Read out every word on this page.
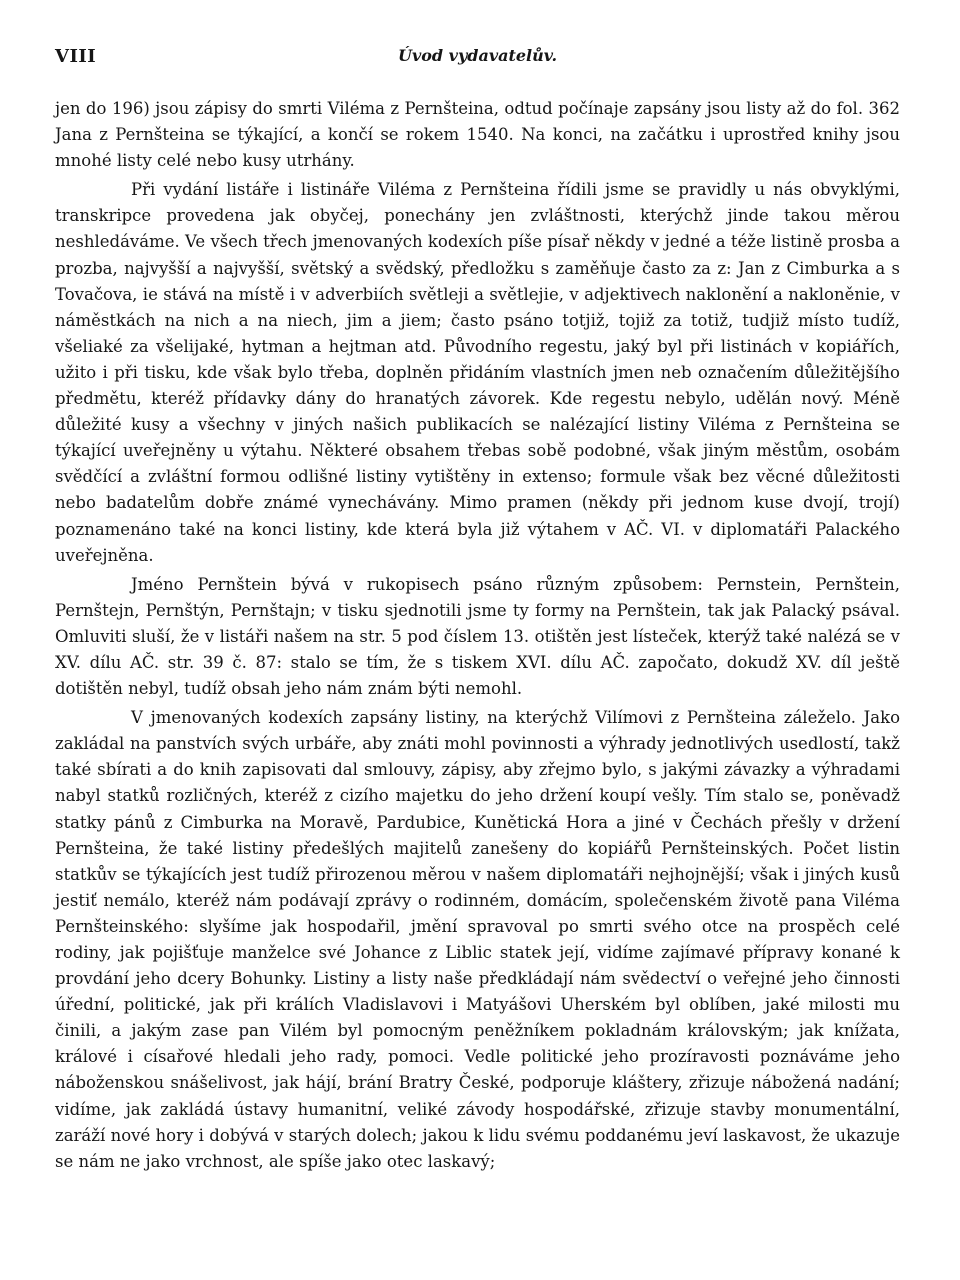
VIII	Úvod vydavatelův.

jen do 196) jsou zápisy do smrti Viléma z Pernšteina, odtud počínaje zapsány jsou listy až do fol. 362 Jana z Pernšteina se týkající, a končí se rokem 1540. Na konci, na začátku i uprostřed knihy jsou mnohé listy celé nebo kusy utrhány.

Při vydání listáře i listináře Viléma z Pernšteina řídili jsme se pravidly u nás obvyklými, transkripce provedena jak obyčej, ponechány jen zvláštnosti, kterýchž jinde takou měrou neshledáváme. Ve všech třech jmenovaných kodexích píše písař někdy v jedné a téže listině prosba a prozba, najvyšší a najvyšší, světský a svědský, předložku s zaměňuje často za z: Jan z Cimburka a s Tovačova, ie stává na místě i v adverbiích světleji a světlejie, v adjektivech naklonění a nakloněnie, v náměstkách na nich a na niech, jim a jiem; často psáno totjiž, tojiž za totiž, tudjiž místo tudíž, všeliaké za všelijaké, hytman a hejtman atd. Původního regestu, jaký byl při listinách v kopiářích, užito i při tisku, kde však bylo třeba, doplněn přidáním vlastních jmen neb označením důležitějšího předmětu, kteréž přídavky dány do hranatých závorek. Kde regestu nebylo, udělán nový. Méně důležité kusy a všechny v jiných našich publikacích se nalézající listiny Viléma z Pernšteina se týkající uveřejněny u výtahu. Některé obsahem třebas sobě podobné, však jiným městům, osobám svědčící a zvláštní formou odlišné listiny vytištěny in extenso; formule však bez věcné důležitosti nebo badatelům dobře známé vynechávány. Mimo pramen (někdy při jednom kuse dvojí, trojí) poznamenáno také na konci listiny, kde která byla již výtahem v AČ. VI. v diplomatáři Palackého uveřejněna.

Jméno Pernštein bývá v rukopisech psáno různým způsobem: Pernstein, Pernštein, Pernštejn, Pernštýn, Pernštajn; v tisku sjednotili jsme ty formy na Pernštein, tak jak Palacký psával. Omluviti sluší, že v listáři našem na str. 5 pod číslem 13. otištěn jest lísteček, kterýž také nalézá se v XV. dílu AČ. str. 39 č. 87: stalo se tím, že s tiskem XVI. dílu AČ. započato, dokudž XV. díl ještě dotištěn nebyl, tudíž obsah jeho nám znám býti nemohl.

V jmenovaných kodexích zapsány listiny, na kterýchž Vilímovi z Pernšteina záleželo. Jako zakládal na panstvích svých urbáře, aby znáti mohl povinnosti a výhrady jednotlivých usedlostí, takž také sbírati a do knih zapisovati dal smlouvy, zápisy, aby zřejmo bylo, s jakými závazky a výhradami nabyl statků rozličných, kteréž z cizího majetku do jeho držení koupí vešly. Tím stalo se, poněvadž statky pánů z Cimburka na Moravě, Pardubice, Kunětická Hora a jiné v Čechách přešly v držení Pernšteina, že také listiny předešlých majitelů zanešeny do kopiářů Pernšteinských. Počet listin statkův se týkajících jest tudíž přirozenou měrou v našem diplomatáři nejhojnější; však i jiných kusů jestiť nemálo, kteréž nám podávají zprávy o rodinném, domácím, společenském životě pana Viléma Pernšteinského: slyšíme jak hospodařil, jmění spravoval po smrti svého otce na prospěch celé rodiny, jak pojišťuje manželce své Johance z Liblic statek její, vidíme zajímavé přípravy konané k provdání jeho dcery Bohunky. Listiny a listy naše předkládají nám svědectví o veřejné jeho činnosti úřední, politické, jak při králích Vladislavovi i Matyášovi Uherském byl oblíben, jaké milosti mu činili, a jakým zase pan Vilém byl pomocným peněžníkem pokladnám královským; jak knížata, králové i císařové hledali jeho rady, pomoci. Vedle politické jeho prozíravosti poznáváme jeho náboženskou snášelivost, jak hájí, brání Bratry České, podporuje kláštery, zřizuje nábožená nadání; vidíme, jak zakládá ústavy humanitní, veliké závody hospodářské, zřizuje stavby monumentální, zaráží nové hory i dobývá v starých dolech; jakou k lidu svému poddanému jeví laskavost, že ukazuje se nám ne jako vrchnost, ale spíše jako otec laskavý;
